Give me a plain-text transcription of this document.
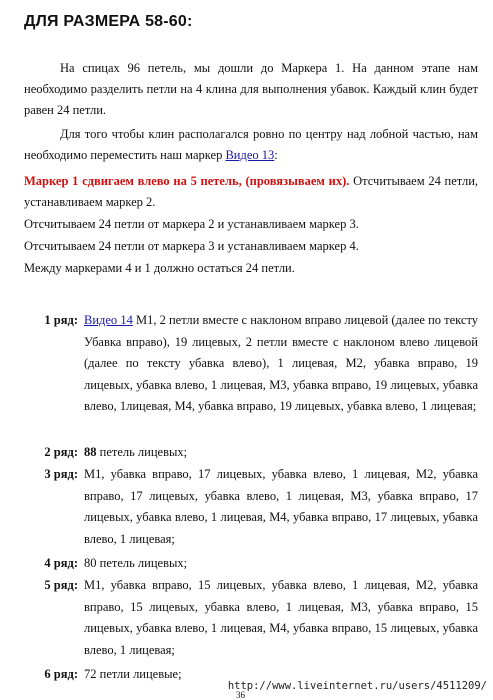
ДЛЯ РАЗМЕРА 58-60:
На спицах 96 петель, мы дошли до Маркера 1. На данном этапе нам необходимо разделить петли на 4 клина для выполнения убавок. Каждый клин будет равен 24 петли.
Для того чтобы клин располагался ровно по центру над лобной частью, нам необходимо переместить наш маркер Видео 13:
Маркер 1 сдвигаем влево на 5 петель, (провязываем их). Отсчитываем 24 петли, устанавливаем маркер 2.
Отсчитываем 24 петли от маркера 2 и устанавливаем маркер 3.
Отсчитываем 24 петли от маркера 3 и устанавливаем маркер 4.
Между маркерами 4 и 1 должно остаться 24 петли.
1 ряд: Видео 14 М1, 2 петли вместе с наклоном вправо лицевой (далее по тексту Убавка вправо), 19 лицевых, 2 петли вместе с наклоном влево лицевой (далее по тексту убавка влево), 1 лицевая, М2, убавка вправо, 19 лицевых, убавка влево, 1 лицевая, М3, убавка вправо, 19 лицевых, убавка влево, 1лицевая, М4, убавка вправо, 19 лицевых, убавка влево, 1 лицевая;
2 ряд: 88 петель лицевых;
3 ряд: М1, убавка вправо, 17 лицевых, убавка влево, 1 лицевая, М2, убавка вправо, 17 лицевых, убавка влево, 1 лицевая, М3, убавка вправо, 17 лицевых, убавка влево, 1 лицевая, М4, убавка вправо, 17 лицевых, убавка влево, 1 лицевая;
4 ряд: 80 петель лицевых;
5 ряд: М1, убавка вправо, 15 лицевых, убавка влево, 1 лицевая, М2, убавка вправо, 15 лицевых, убавка влево, 1 лицевая, М3, убавка вправо, 15 лицевых, убавка влево, 1 лицевая, М4, убавка вправо, 15 лицевых, убавка влево, 1 лицевая;
6 ряд: 72 петли лицевые;
http://www.liveinternet.ru/users/4511209/
36
